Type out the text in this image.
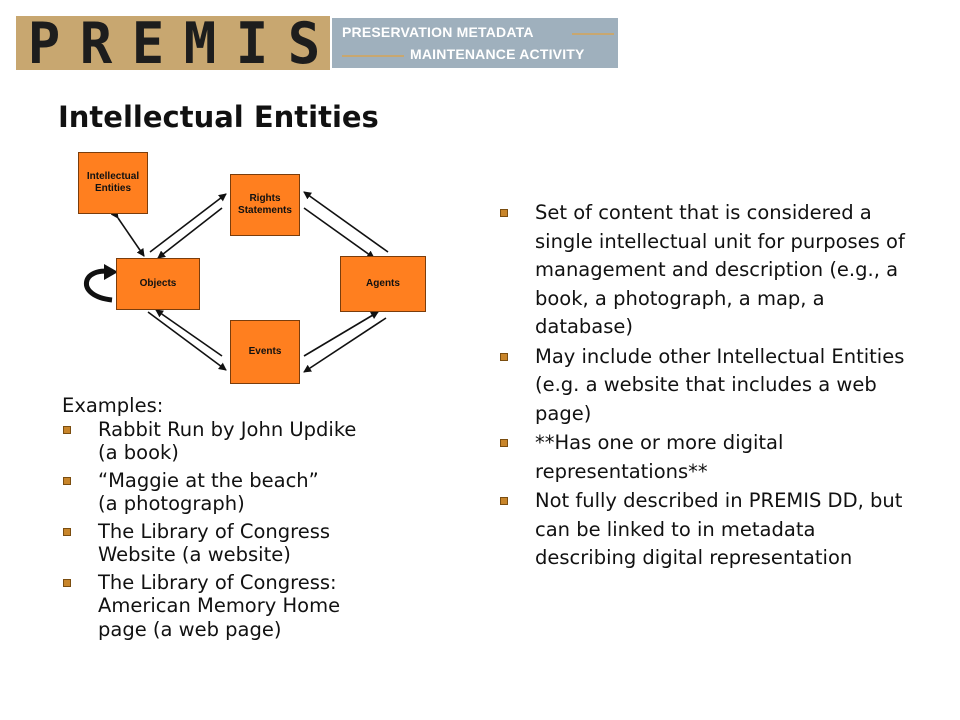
P R E M I S	PRESERVATION METADATA
MAINTENANCE ACTIVITY
Intellectual Entities
Intellectual
Entities
Rights
Statements
Objects	Agents
Events
Examples:
Rabbit Run by John Updike
(a book)
“Maggie at the beach”
(a photograph)
The Library of Congress
Website (a website)
The Library of Congress:
American Memory Home
page (a web page)
Set of content that is considered a single intellectual unit for purposes of management and description (e.g., a book, a photograph, a map, a database)
May include other Intellectual Entities (e.g. a website that includes a web page)
**Has one or more digital representations**
Not fully described in PREMIS DD, but can be linked to in metadata describing digital representation
